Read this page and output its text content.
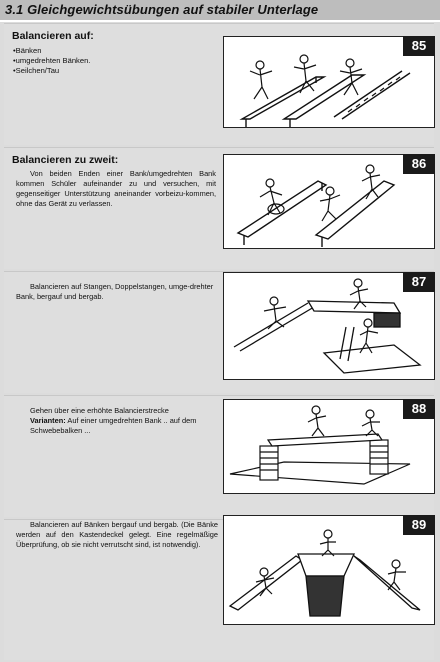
3.1 Gleichgewichtsübungen auf stabiler Unterlage
Balancieren auf:
• Bänken
• umgedrehten Bänken.
• Seilchen/Tau
85
Balancieren zu zweit:
Von beiden Enden einer Bank/umgedrehten Bank kommen Schüler aufeinander zu und versuchen, mit gegenseitiger Unterstützung aneinander vorbeizu-kommen, ohne das Gerät zu verlassen.
86
Balancieren auf Stangen, Doppelstangen, umge-drehter Bank, bergauf und bergab.
87
Gehen über eine erhöhte Balancierstrecke
Varianten: Auf einer umgedrehten Bank .. auf dem Schwebebalken ...
88
Balancieren auf Bänken bergauf und bergab. (Die Bänke werden auf den Kastendeckel gelegt. Eine regelmäßige Überprüfung, ob sie nicht verrutscht sind, ist notwendig).
89
